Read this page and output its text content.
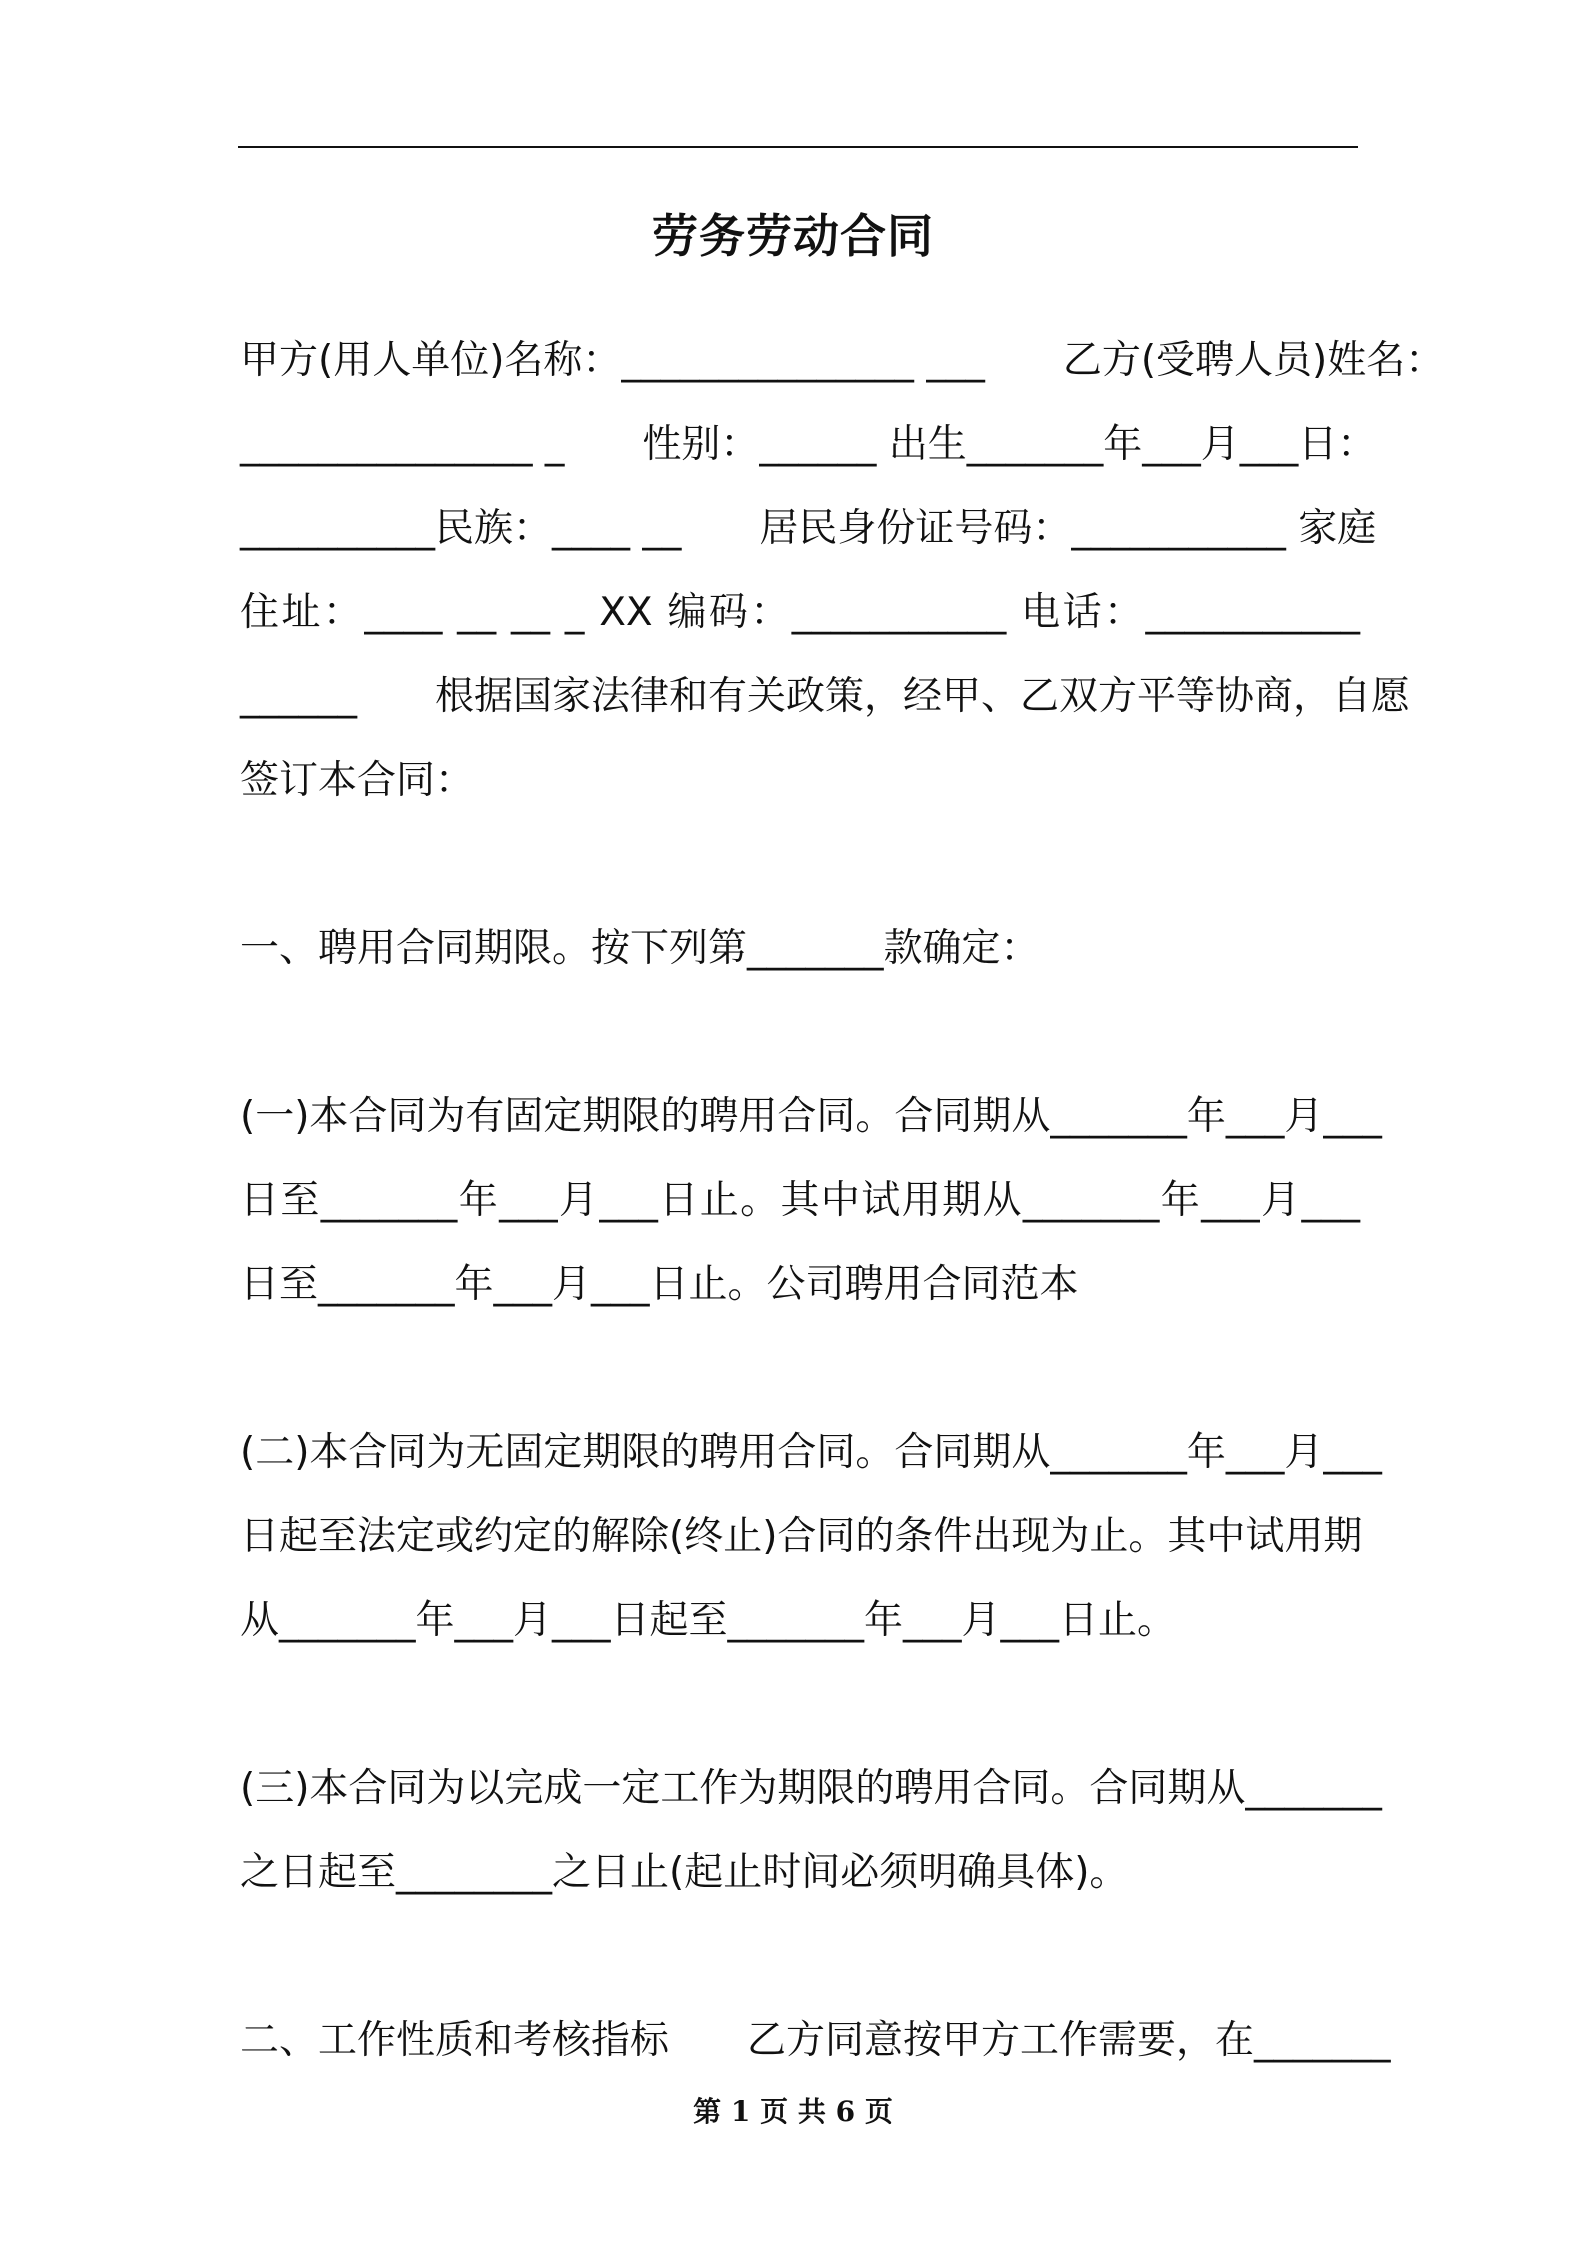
劳务劳动合同
甲方(用人单位)名称：_______________ ___　　乙方(受聘人员)姓名：
_______________ _　　性别：______ 出生_______年___月___日：
__________民族：____ __　　居民身份证号码：___________ 家庭
住址：____ __ __ _ XX 编码：___________ 电话：___________
______　　根据国家法律和有关政策，经甲、乙双方平等协商，自愿
签订本合同：
一、聘用合同期限。按下列第_______款确定：
(一)本合同为有固定期限的聘用合同。合同期从_______年___月___
日至_______年___月___日止。其中试用期从_______年___月___
日至_______年___月___日止。公司聘用合同范本
(二)本合同为无固定期限的聘用合同。合同期从_______年___月___
日起至法定或约定的解除(终止)合同的条件出现为止。其中试用期
从_______年___月___日起至_______年___月___日止。
(三)本合同为以完成一定工作为期限的聘用合同。合同期从_______
之日起至________之日止(起止时间必须明确具体)。
二、工作性质和考核指标　　乙方同意按甲方工作需要，在_______
第 1 页 共 6 页
